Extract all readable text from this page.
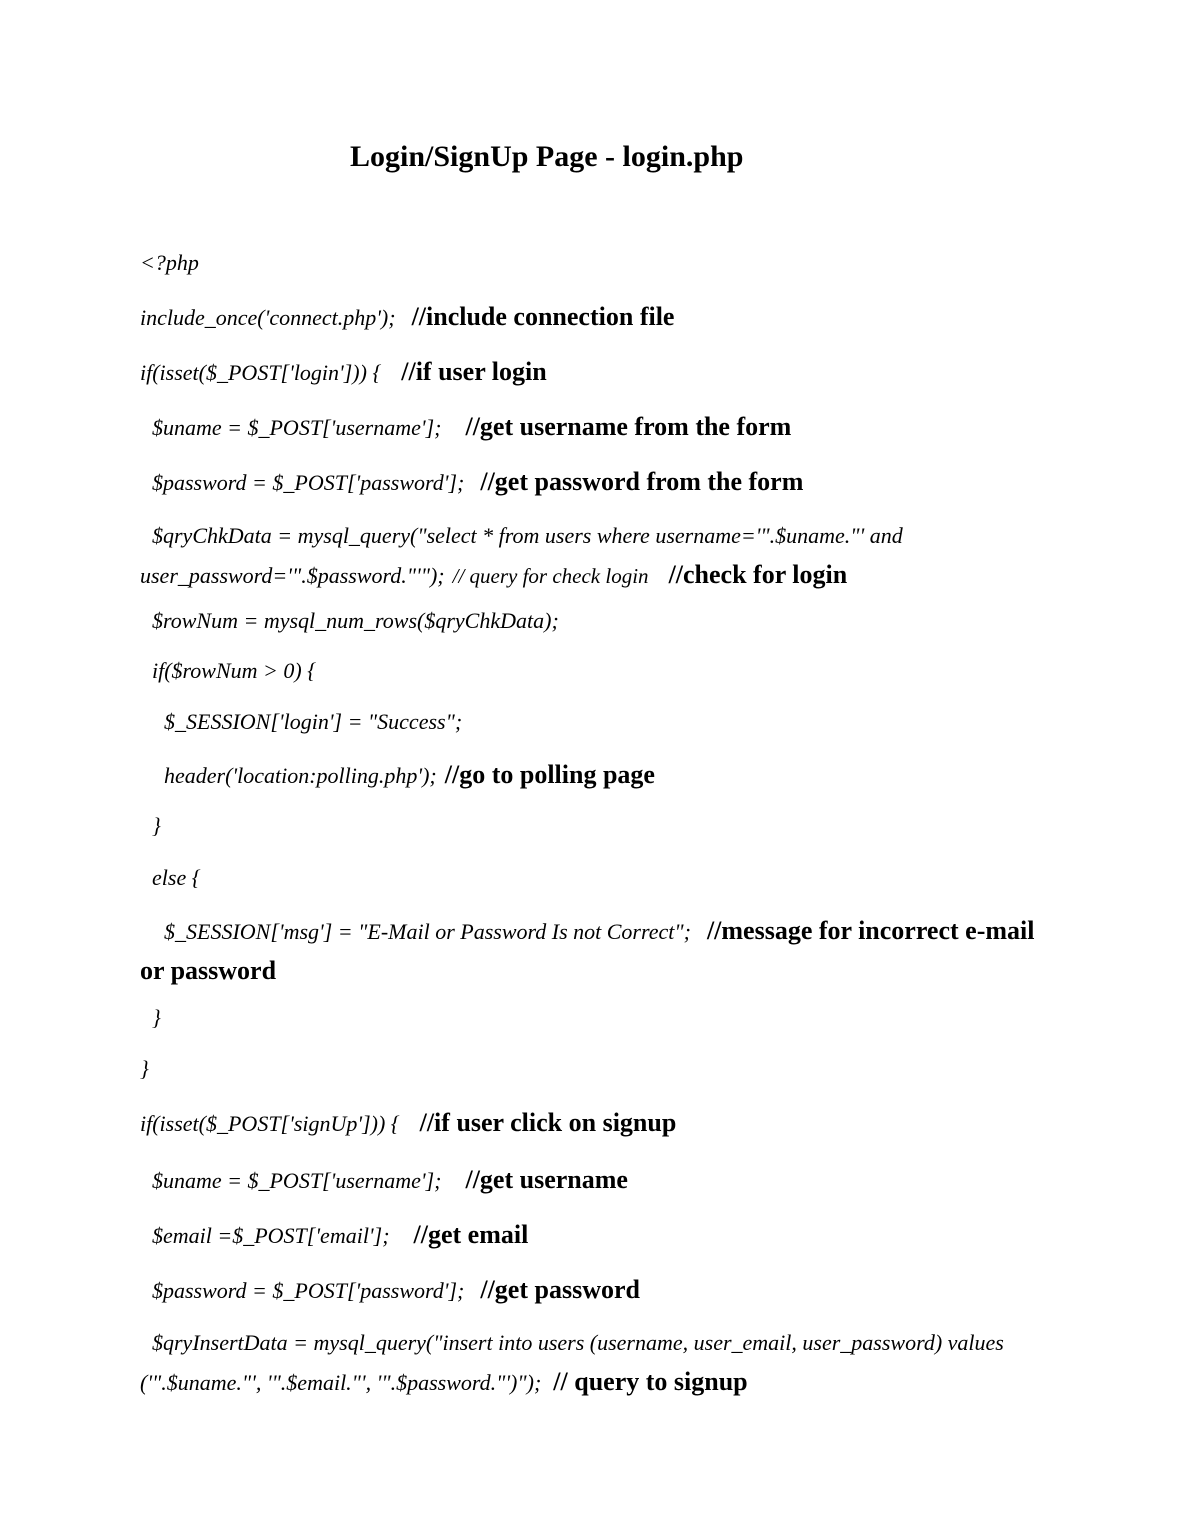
Login/SignUp Page - login.php
<?php
include_once('connect.php'); //include connection file
if(isset($_POST['login'])) { //if user login
$uname = $_POST['username']; //get username from the form
$password = $_POST['password']; //get password from the form
$qryChkData = mysql_query("select * from users where username='".$uname."' and user_password='".$password."'"); // query for check login //check for login
$rowNum = mysql_num_rows($qryChkData);
if($rowNum > 0) {
$_SESSION['login'] = "Success";
header('location:polling.php'); //go to polling page
}
else {
$_SESSION['msg'] = "E-Mail or Password Is not Correct"; //message for incorrect e-mail or password
}
}
if(isset($_POST['signUp'])) { //if user click on signup
$uname = $_POST['username']; //get username
$email =$_POST['email']; //get email
$password = $_POST['password']; //get password
$qryInsertData = mysql_query("insert into users (username, user_email, user_password) values ('".$uname."', '".$email."', '".$password."')"); // query to signup
